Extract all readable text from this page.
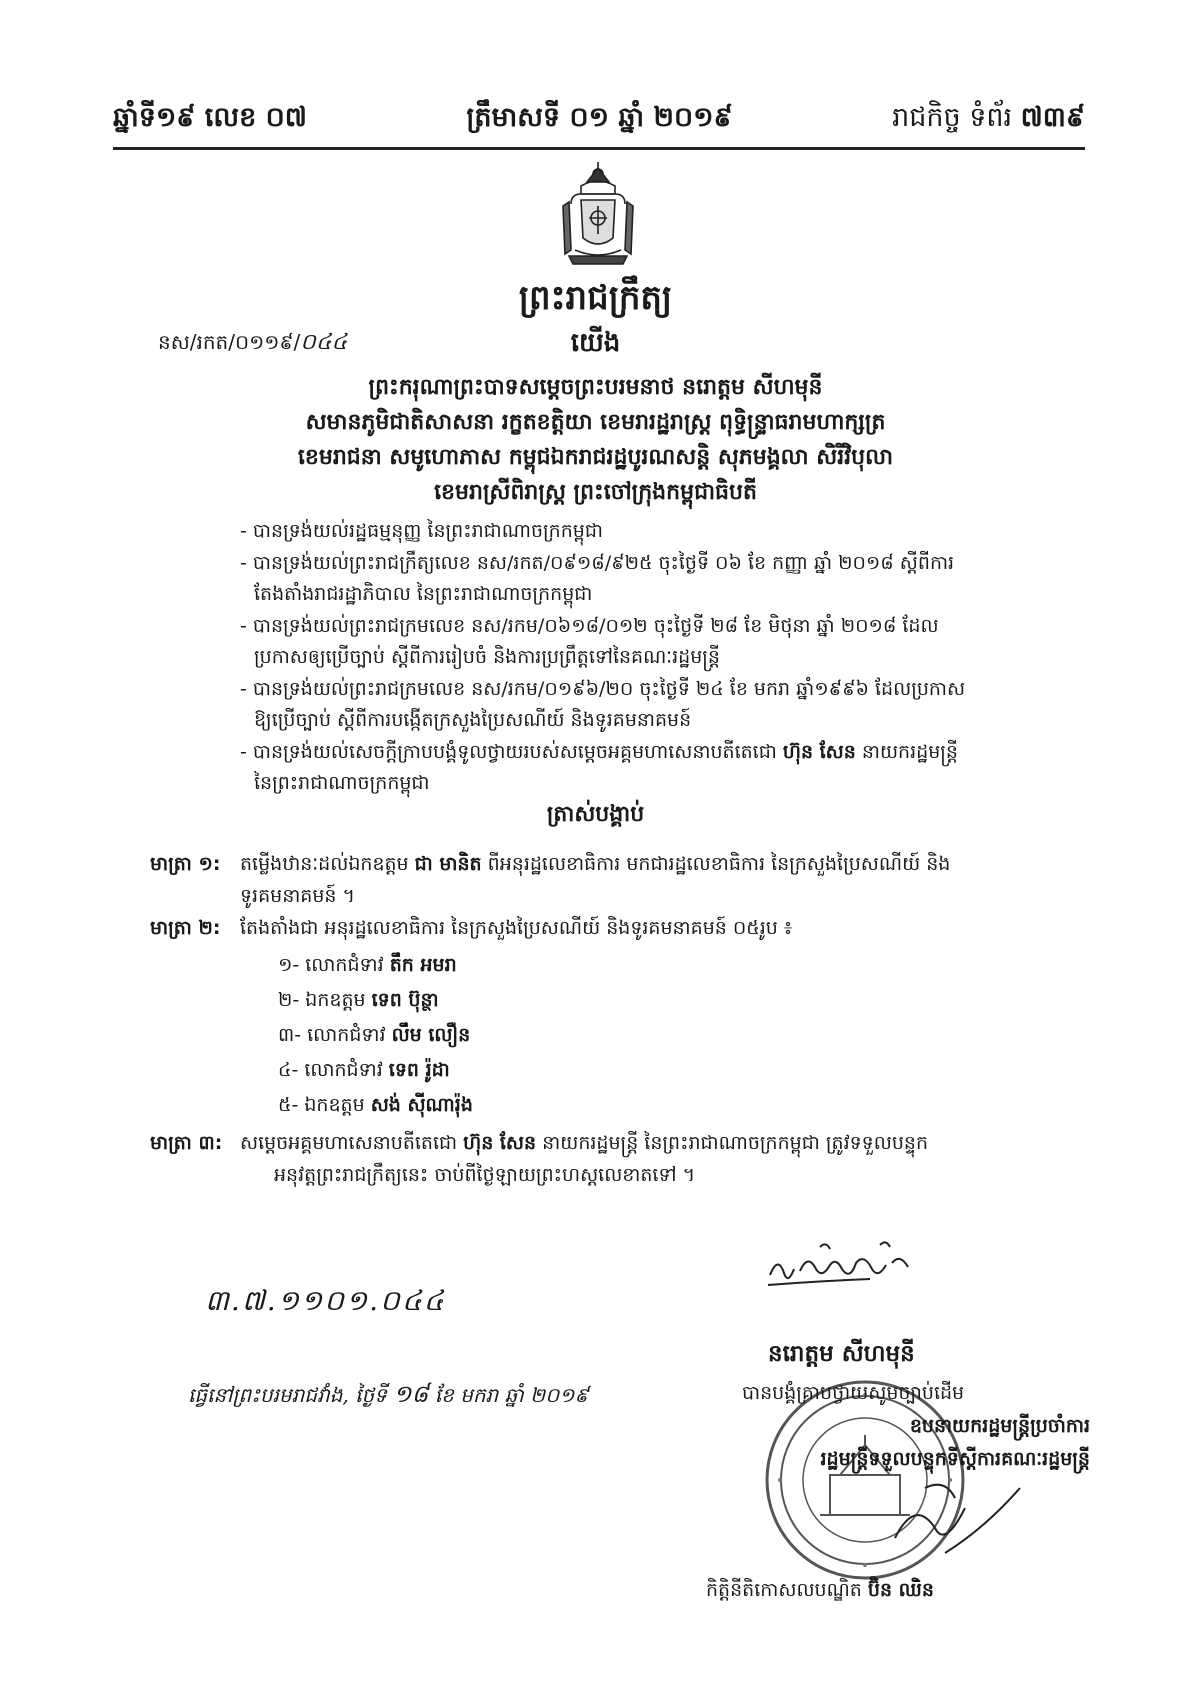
ឆ្នាំទី១៩ លេខ ០៧	ត្រឹមាសទី ០១ ឆ្នាំ ២០១៩	រាជកិច្ច ទំព័រ ៧៣៩
ព្រះរាជក្រឹត្យ
នស/រកត/០១១៩/០៤៤	យើង
ព្រះករុណាព្រះបាទសម្តេចព្រះបរមនាថ នរោត្តម សីហមុនី
សមានភូមិជាតិសាសនា រក្ខតខត្តិយា ខេមរារដ្ឋរាស្ត្រ ពុទ្ធិន្ទ្រាធរាមហាក្សត្រ
ខេមរាជនា សមូហោភាស កម្ពុជឯករាជរដ្ឋបូរណសន្តិ សុភមង្គលា សិរីវិបុលា
ខេមរាស្រីពិរាស្ត្រ ព្រះចៅក្រុងកម្ពុជាធិបតី
- បានទ្រង់យល់រដ្ឋធម្មនុញ្ញ នៃព្រះរាជាណាចក្រកម្ពុជា
- បានទ្រង់យល់ព្រះរាជក្រឹត្យលេខ នស/រកត/០៩១៨/៩២៥ ចុះថ្ងៃទី ០៦ ខែ កញ្ញា ឆ្នាំ ២០១៨ ស្តីពីការ
តែងតាំងរាជរដ្ឋាភិបាល នៃព្រះរាជាណាចក្រកម្ពុជា
- បានទ្រង់យល់ព្រះរាជក្រមលេខ នស/រកម/០៦១៨/០១២ ចុះថ្ងៃទី ២៨ ខែ មិថុនា ឆ្នាំ ២០១៨ ដែល
ប្រកាសឲ្យប្រើច្បាប់ ស្តីពីការរៀបចំ និងការប្រព្រឹត្តទៅនៃគណៈរដ្ឋមន្ត្រី
- បានទ្រង់យល់ព្រះរាជក្រមលេខ នស/រកម/០១៩៦/២០ ចុះថ្ងៃទី ២៤ ខែ មករា ឆ្នាំ១៩៩៦ ដែលប្រកាស
ឱ្យប្រើច្បាប់ ស្តីពីការបង្កើតក្រសួងប្រៃសណីយ៍ និងទូរគមនាគមន៍
- បានទ្រង់យល់សេចក្តីក្រាបបង្គំទូលថ្វាយរបស់សម្តេចអគ្គមហាសេនាបតីតេជោ ហ៊ុន សែន នាយករដ្ឋមន្ត្រី
នៃព្រះរាជាណាចក្រកម្ពុជា
ត្រាស់បង្គាប់
មាត្រា ១: តម្លើងឋានៈដល់ឯកឧត្តម ជា មានិត ពីអនុរដ្ឋលេខាធិការ មកជារដ្ឋលេខាធិការ នៃក្រសួងប្រៃសណីយ៍ និង
ទូរគមនាគមន៍ ។
មាត្រា ២: តែងតាំងជា អនុរដ្ឋលេខាធិការ នៃក្រសួងប្រៃសណីយ៍ និងទូរគមនាគមន៍ ០៥រូប ៖
១- លោកជំទាវ តឹក អមរា
២- ឯកឧត្តម ទេព ប៊ុន្ថា
៣- លោកជំទាវ លឹម លឿន
៤- លោកជំទាវ ទេព រ៉ូដា
៥- ឯកឧត្តម សង់ ស៊ីណារ៉ុង
មាត្រា ៣: សម្តេចអគ្គមហាសេនាបតីតេជោ ហ៊ុន សែន នាយករដ្ឋមន្ត្រី នៃព្រះរាជាណាចក្រកម្ពុជា ត្រូវទទួលបន្ទុក
អនុវត្តព្រះរាជក្រឹត្យនេះ ចាប់ពីថ្ងៃឡាយព្រះហស្តលេខាតទៅ ។
៣.៧.១១០១.០៤៤
ធ្វើនៅព្រះបរមរាជវាំង, ថ្ងៃទី ១៨ ខែ មករា ឆ្នាំ ២០១៩
នរោត្តម សីហមុនី
បានបង្គំគ្រាបថ្វាយសូមច្បាប់ដើម
ឧបនាយករដ្ឋមន្ត្រីប្រចាំការ
រដ្ឋមន្ត្រីទទួលបន្ទុកទីស្តីការគណៈរដ្ឋមន្ត្រី
កិត្តិនីតិកោសលបណ្ឌិត ប៊ិន ឈិន
